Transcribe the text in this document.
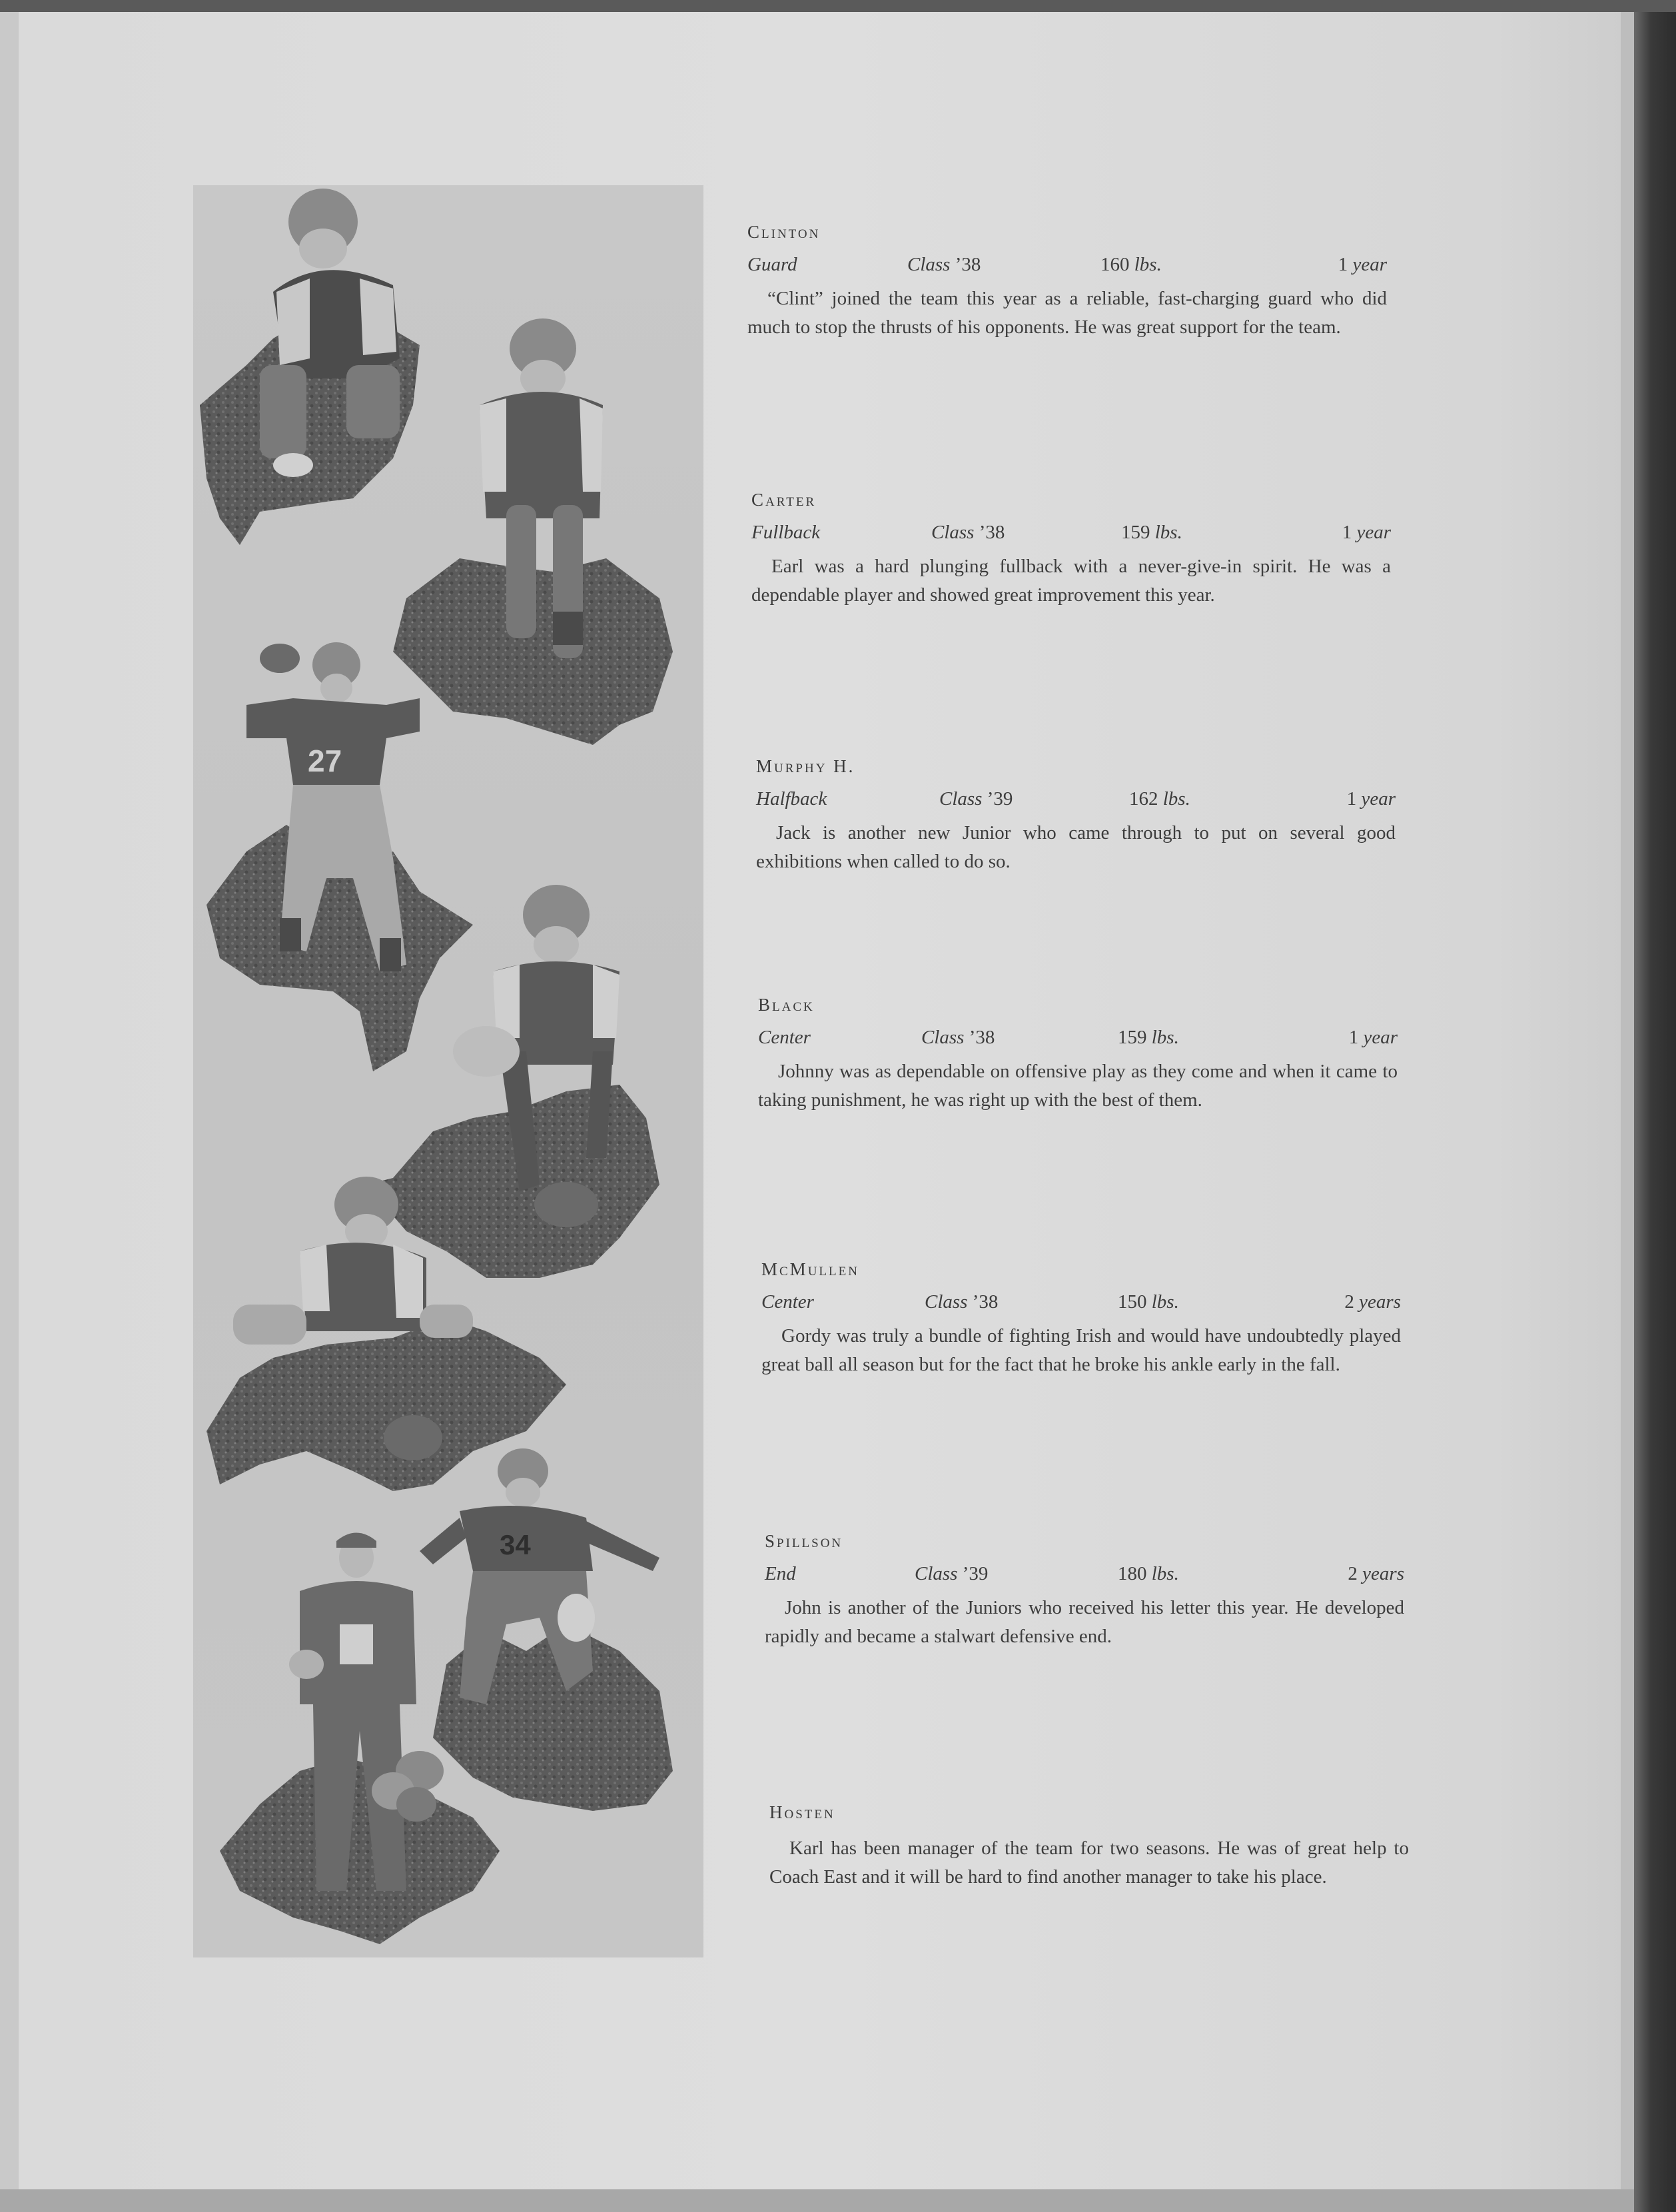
27
34
Clinton
Guard	Class ’38	160 lbs.	1 year

“Clint” joined the team this year as a reliable, fast-charging guard who did much to stop the thrusts of his opponents. He was great support for the team.

Carter
Fullback	Class ’38	159 lbs.	1 year

Earl was a hard plunging fullback with a never-give-in spirit. He was a dependable player and showed great improvement this year.

Murphy H.
Halfback	Class ’39	162 lbs.	1 year

Jack is another new Junior who came through to put on several good exhibitions when called to do so.

Black
Center	Class ’38	159 lbs.	1 year

Johnny was as dependable on offensive play as they come and when it came to taking punishment, he was right up with the best of them.

McMullen
Center	Class ’38	150 lbs.	2 years

Gordy was truly a bundle of fighting Irish and would have undoubtedly played great ball all season but for the fact that he broke his ankle early in the fall.

Spillson
End	Class ’39	180 lbs.	2 years

John is another of the Juniors who received his letter this year. He developed rapidly and became a stalwart defensive end.

Hosten

Karl has been manager of the team for two seasons. He was of great help to Coach East and it will be hard to find another manager to take his place.
